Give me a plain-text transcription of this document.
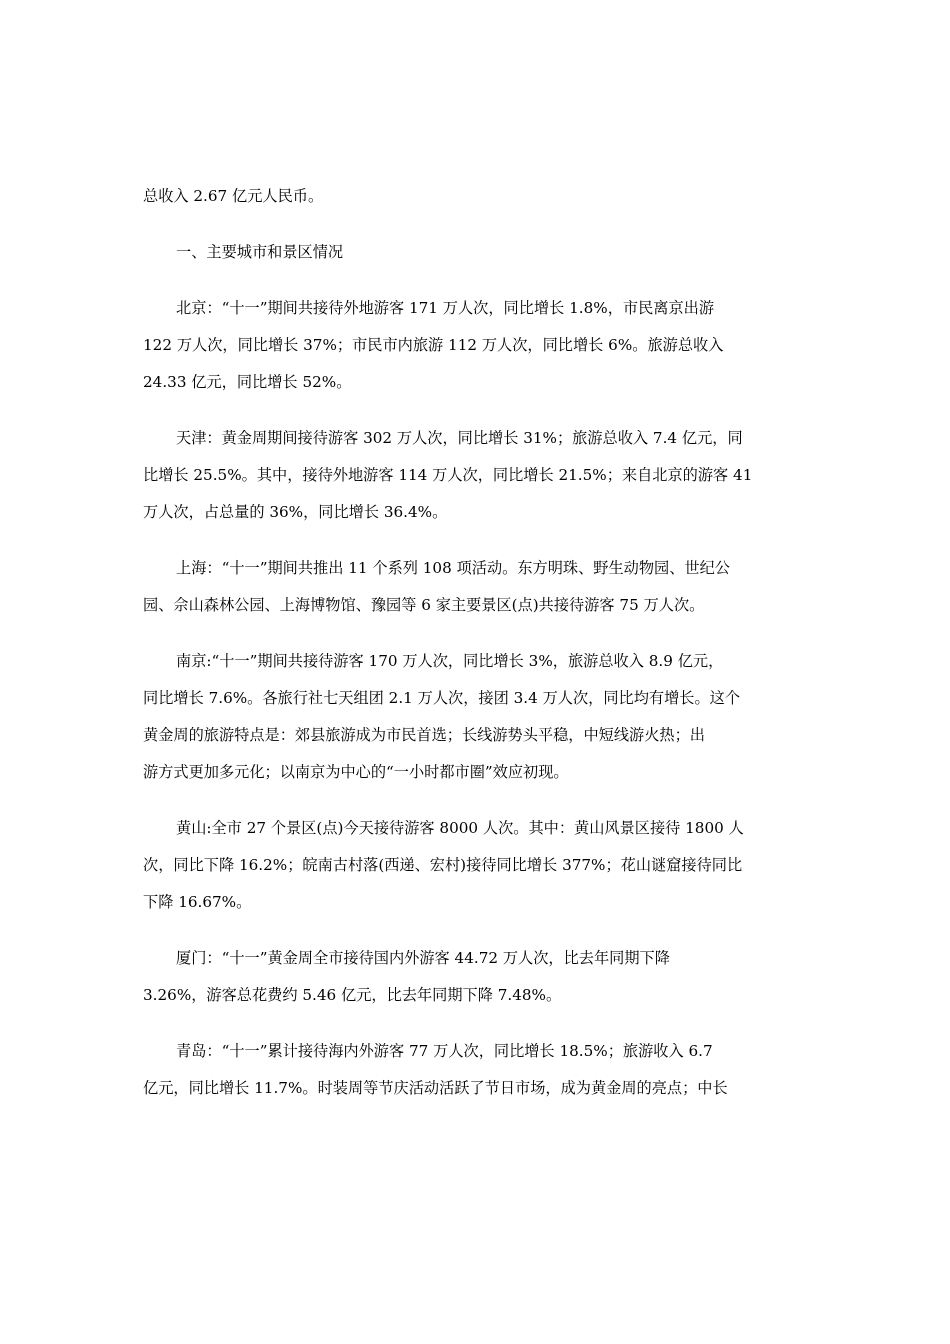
总收入 2.67 亿元人民币。

一、主要城市和景区情况

北京：“十一”期间共接待外地游客 171 万人次，同比增长 1.8%，市民离京出游
122 万人次，同比增长 37%；市民市内旅游 112 万人次，同比增长 6%。旅游总收入
24.33 亿元，同比增长 52%。

天津：黄金周期间接待游客 302 万人次，同比增长 31%；旅游总收入 7.4 亿元，同
比增长 25.5%。其中，接待外地游客 114 万人次，同比增长 21.5%；来自北京的游客 41
万人次，占总量的 36%，同比增长 36.4%。

上海：“十一”期间共推出 11 个系列 108 项活动。东方明珠、野生动物园、世纪公
园、佘山森林公园、上海博物馆、豫园等 6 家主要景区(点)共接待游客 75 万人次。

南京:“十一”期间共接待游客 170 万人次，同比增长 3%，旅游总收入 8.9 亿元，
同比增长 7.6%。各旅行社七天组团 2.1 万人次，接团 3.4 万人次，同比均有增长。这个
黄金周的旅游特点是：郊县旅游成为市民首选；长线游势头平稳，中短线游火热；出
游方式更加多元化；以南京为中心的“一小时都市圈”效应初现。

黄山:全市 27 个景区(点)今天接待游客 8000 人次。其中：黄山风景区接待 1800 人
次，同比下降 16.2%；皖南古村落(西递、宏村)接待同比增长 377%；花山谜窟接待同比
下降 16.67%。

厦门：“十一”黄金周全市接待国内外游客 44.72 万人次，比去年同期下降
3.26%，游客总花费约 5.46 亿元，比去年同期下降 7.48%。

青岛：“十一”累计接待海内外游客 77 万人次，同比增长 18.5%；旅游收入 6.7
亿元，同比增长 11.7%。时装周等节庆活动活跃了节日市场，成为黄金周的亮点；中长
